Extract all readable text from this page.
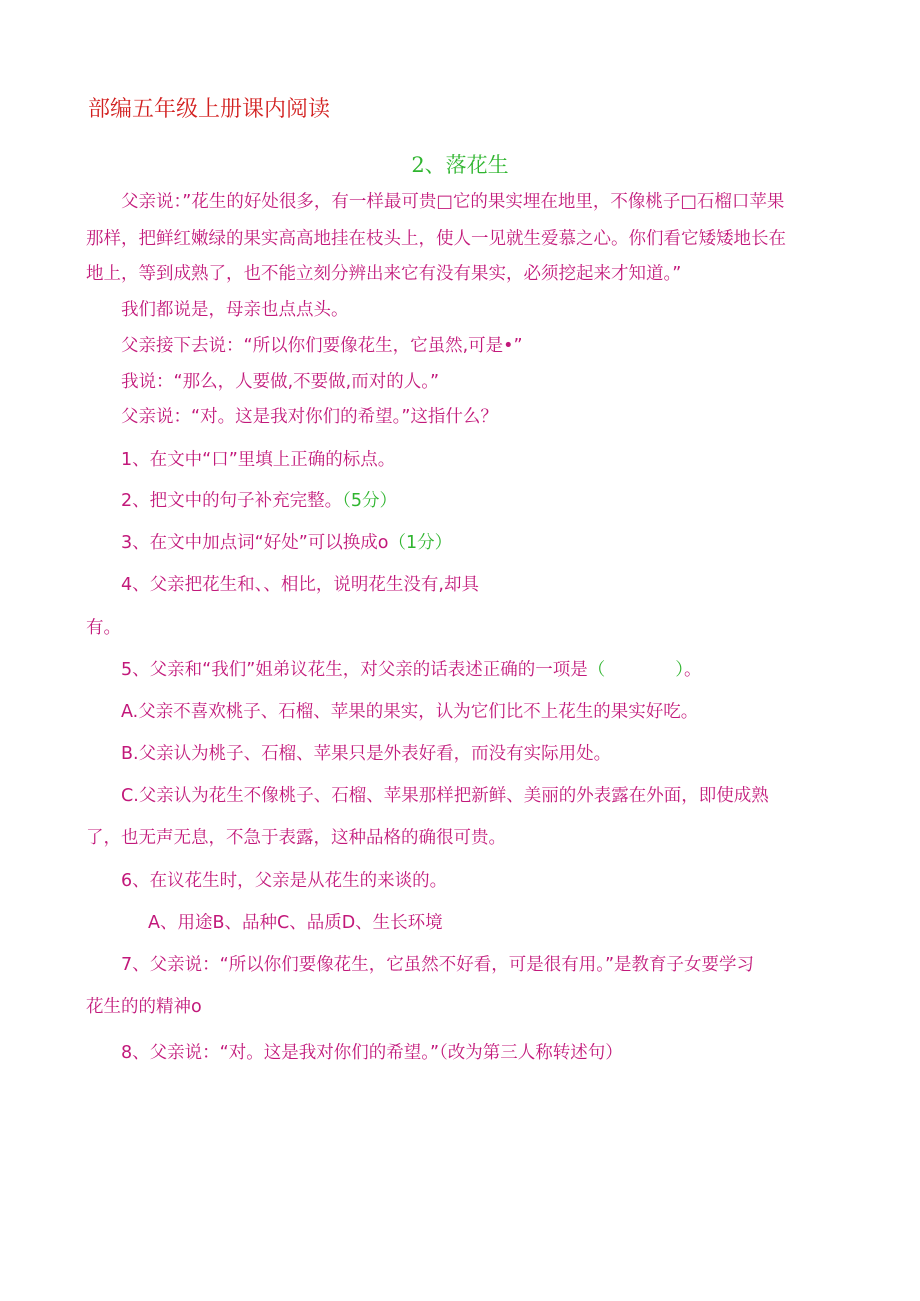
部编五年级上册课内阅读
2、落花生
父亲说：”花生的好处很多，有一样最可贵□它的果实埋在地里，不像桃子□石榴口苹果
那样，把鲜红嫩绿的果实高高地挂在枝头上，使人一见就生爱慕之心。你们看它矮矮地长在
地上，等到成熟了，也不能立刻分辨出来它有没有果实，必须挖起来才知道。”
我们都说是，母亲也点点头。
父亲接下去说：“所以你们要像花生，它虽然,可是•”
我说：“那么，人要做,不要做,而对的人。”
父亲说：“对。这是我对你们的希望。”这指什么？
1、在文中“口”里填上正确的标点。
2、把文中的句子补充完整。（5分）
3、在文中加点词“好处”可以换成o（1分）
4、父亲把花生和、、相比，说明花生没有,却具
有。
5、父亲和“我们”姐弟议花生，对父亲的话表述正确的一项是（	）。
A.父亲不喜欢桃子、石榴、苹果的果实，认为它们比不上花生的果实好吃。
B.父亲认为桃子、石榴、苹果只是外表好看，而没有实际用处。
C.父亲认为花生不像桃子、石榴、苹果那样把新鲜、美丽的外表露在外面，即使成熟
了，也无声无息，不急于表露，这种品格的确很可贵。
6、在议花生时，父亲是从花生的来谈的。
A、用途B、品种C、品质D、生长环境
7、父亲说：“所以你们要像花生，它虽然不好看，可是很有用。”是教育子女要学习
花生的的精神o
8、父亲说：“对。这是我对你们的希望。”（改为第三人称转述句）
